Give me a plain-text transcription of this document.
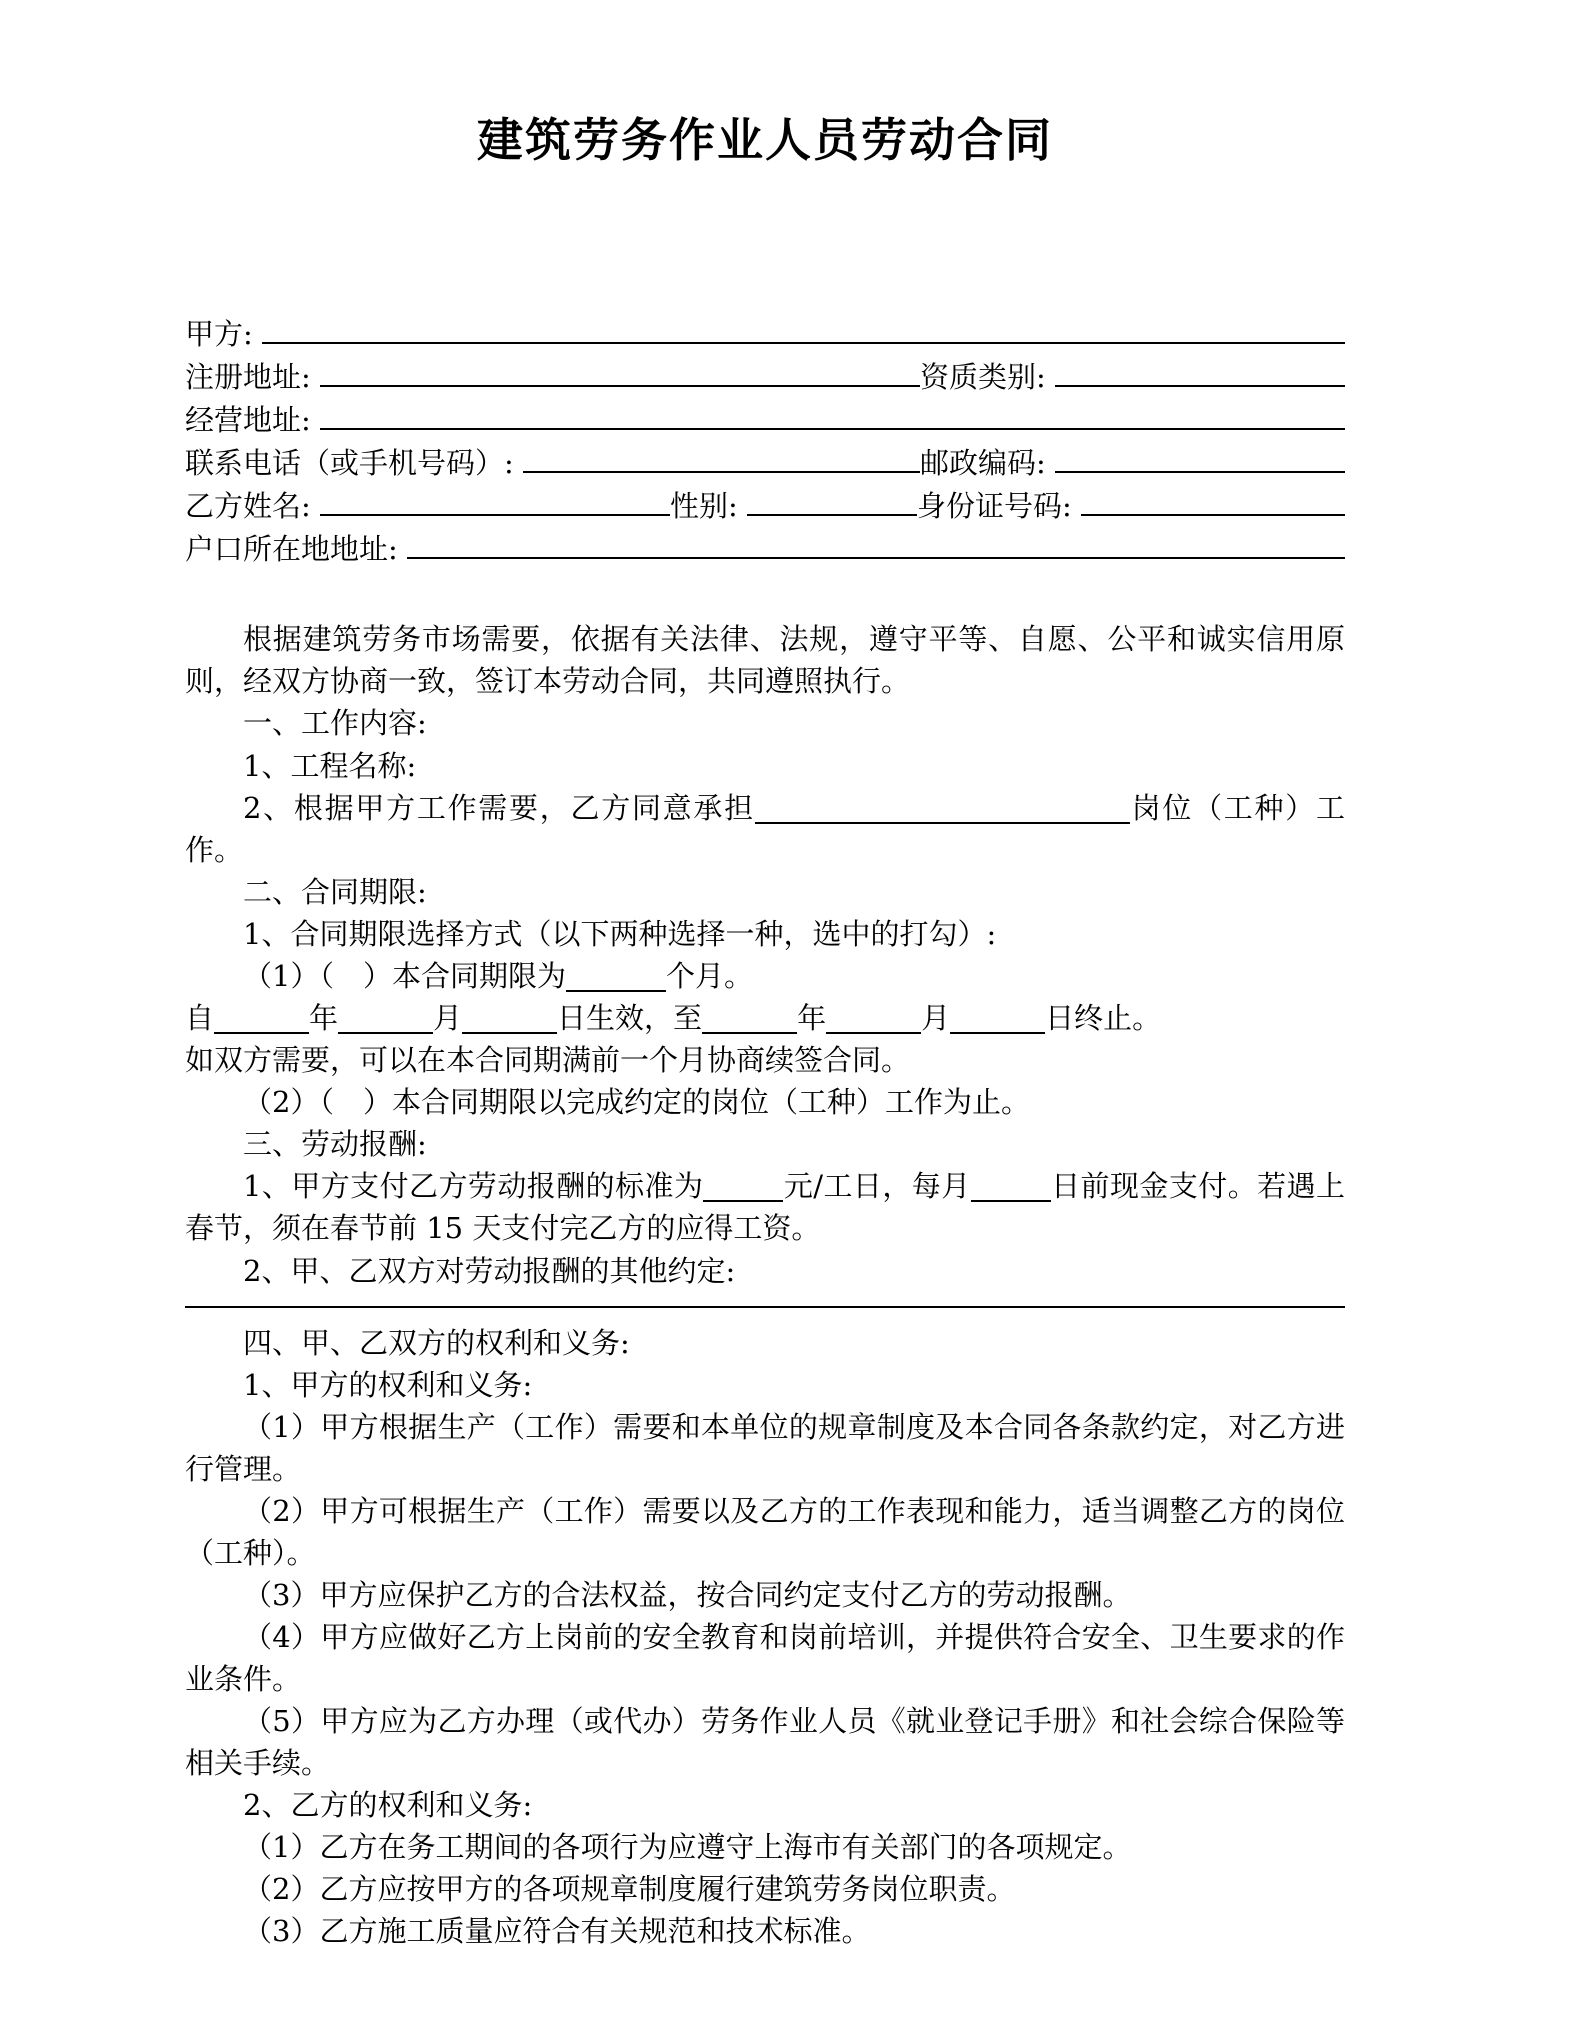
建筑劳务作业人员劳动合同
甲方:
注册地址:	资质类别:
经营地址:
联系电话（或手机号码）:	邮政编码:
乙方姓名:	性别:	身份证号码:
户口所在地地址:

根据建筑劳务市场需要，依据有关法律、法规，遵守平等、自愿、公平和诚实信用原则，经双方协商一致，签订本劳动合同，共同遵照执行。

一、工作内容:

1、工程名称:

2、根据甲方工作需要，乙方同意承担	岗位（工种）工作。

二、合同期限:

1、合同期限选择方式（以下两种选择一种，选中的打勾）:

（1）（　）本合同期限为	个月。

自	年	月	日生效，至	年	月	日终止。

如双方需要，可以在本合同期满前一个月协商续签合同。

（2）（　）本合同期限以完成约定的岗位（工种）工作为止。

三、劳动报酬:

1、甲方支付乙方劳动报酬的标准为	元/工日，每月	日前现金支付。若遇上春节，须在春节前 15 天支付完乙方的应得工资。

2、甲、乙双方对劳动报酬的其他约定:

四、甲、乙双方的权利和义务:

1、甲方的权利和义务:

（1）甲方根据生产（工作）需要和本单位的规章制度及本合同各条款约定，对乙方进行管理。

（2）甲方可根据生产（工作）需要以及乙方的工作表现和能力，适当调整乙方的岗位（工种）。

（3）甲方应保护乙方的合法权益，按合同约定支付乙方的劳动报酬。

（4）甲方应做好乙方上岗前的安全教育和岗前培训，并提供符合安全、卫生要求的作业条件。

（5）甲方应为乙方办理（或代办）劳务作业人员《就业登记手册》和社会综合保险等相关手续。

2、乙方的权利和义务:

（1）乙方在务工期间的各项行为应遵守上海市有关部门的各项规定。

（2）乙方应按甲方的各项规章制度履行建筑劳务岗位职责。

（3）乙方施工质量应符合有关规范和技术标准。
